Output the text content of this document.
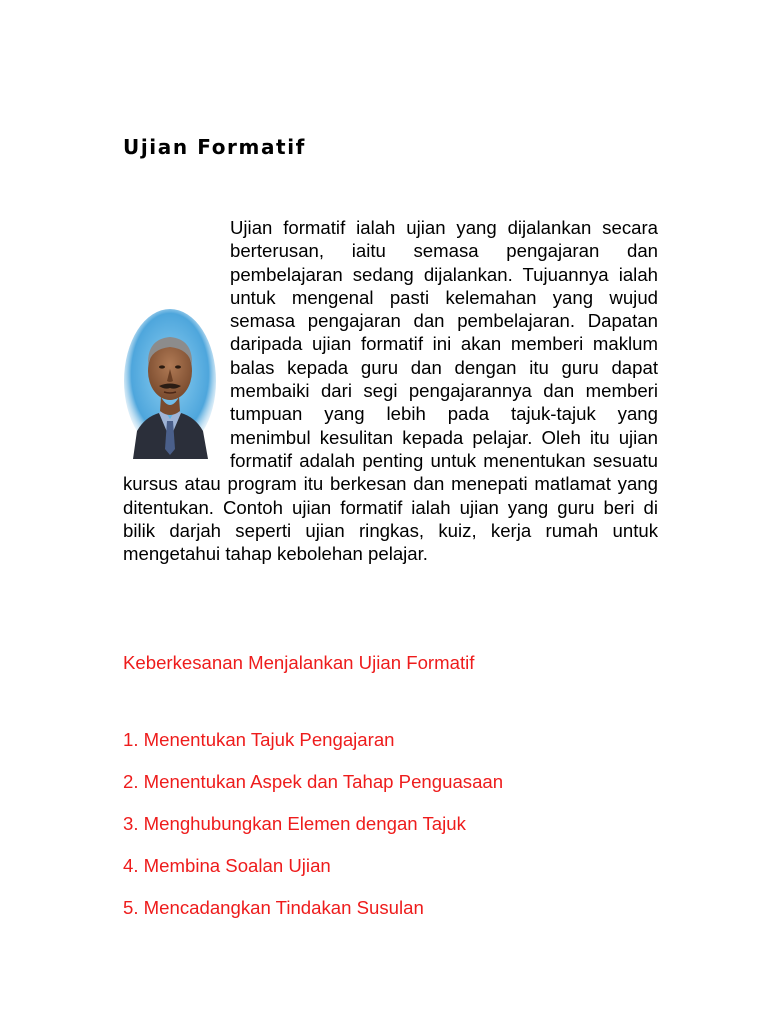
Ujian Formatif
Ujian formatif ialah ujian yang dijalankan secara berterusan, iaitu semasa pengajaran dan pembelajaran sedang dijalankan. Tujuannya ialah untuk mengenal pasti kelemahan yang wujud semasa pengajaran dan pembelajaran. Dapatan daripada ujian formatif ini akan memberi maklum balas kepada guru dan dengan itu guru dapat membaiki dari segi pengajarannya dan memberi tumpuan yang lebih pada tajuk-tajuk yang menimbul kesulitan kepada pelajar. Oleh itu ujian formatif adalah penting untuk menentukan sesuatu kursus atau program itu berkesan dan menepati matlamat yang ditentukan. Contoh ujian formatif ialah ujian yang guru beri di bilik darjah seperti ujian ringkas, kuiz, kerja rumah untuk mengetahui tahap kebolehan pelajar.
Keberkesanan Menjalankan Ujian Formatif
1. Menentukan Tajuk Pengajaran
2. Menentukan Aspek dan Tahap Penguasaan
3. Menghubungkan Elemen dengan Tajuk
4. Membina Soalan Ujian
5. Mencadangkan Tindakan Susulan
